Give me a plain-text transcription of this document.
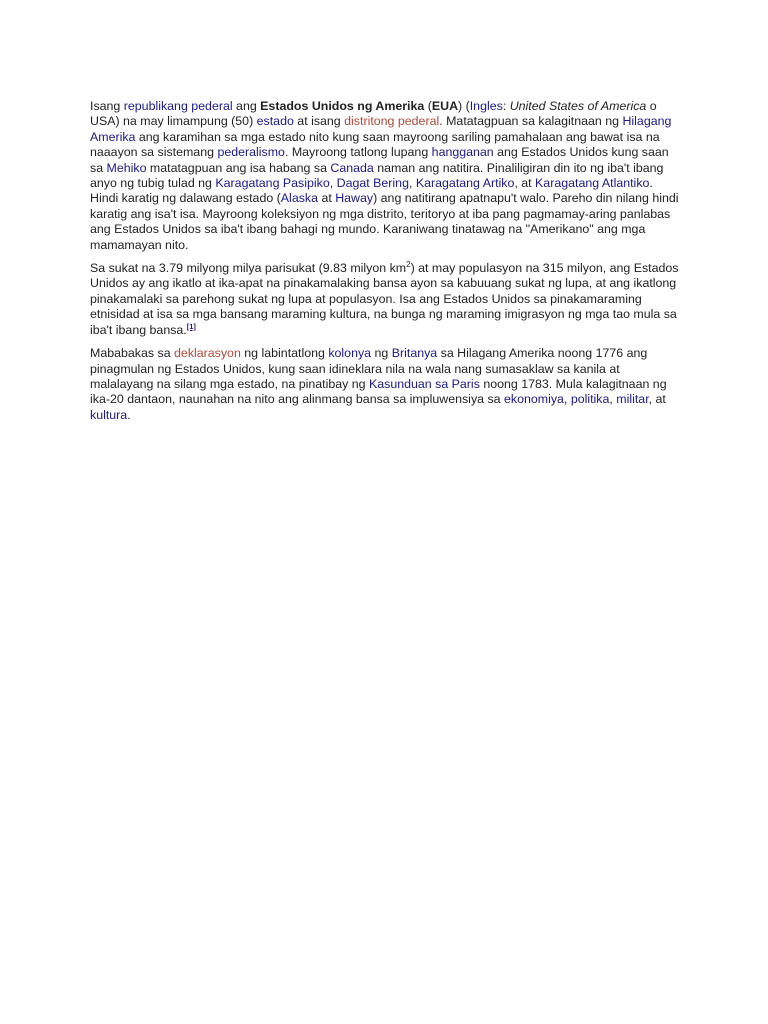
Isang republikang pederal ang Estados Unidos ng Amerika (EUA) (Ingles: United States of America o USA) na may limampung (50) estado at isang distritong pederal. Matatagpuan sa kalagitnaan ng Hilagang Amerika ang karamihan sa mga estado nito kung saan mayroong sariling pamahalaan ang bawat isa na naaayon sa sistemang pederalismo. Mayroong tatlong lupang hangganan ang Estados Unidos kung saan sa Mehiko matatagpuan ang isa habang sa Canada naman ang natitira. Pinaliligiran din ito ng iba't ibang anyo ng tubig tulad ng Karagatang Pasipiko, Dagat Bering, Karagatang Artiko, at Karagatang Atlantiko. Hindi karatig ng dalawang estado (Alaska at Haway) ang natitirang apatnapu't walo. Pareho din nilang hindi karatig ang isa't isa. Mayroong koleksiyon ng mga distrito, teritoryo at iba pang pagmamay-aring panlabas ang Estados Unidos sa iba't ibang bahagi ng mundo. Karaniwang tinatawag na "Amerikano" ang mga mamamayan nito.

Sa sukat na 3.79 milyong milya parisukat (9.83 milyon $km^2$) at may populasyon na 315 milyon, ang Estados Unidos ay ang ikatlo at ika-apat na pinakamalaking bansa ayon sa kabuuang sukat ng lupa, at ang ikatlong pinakamalaki sa parehong sukat ng lupa at populasyon. Isa ang Estados Unidos sa pinakamaraming etnisidad at isa sa mga bansang maraming kultura, na bunga ng maraming imigrasyon ng mga tao mula sa iba't ibang bansa.[1]

Mababakas sa deklarasyon ng labintatlong kolonya ng Britanya sa Hilagang Amerika noong 1776 ang pinagmulan ng Estados Unidos, kung saan idineklara nila na wala nang sumasaklaw sa kanila at malalayang na silang mga estado, na pinatibay ng Kasunduan sa Paris noong 1783. Mula kalagitnaan ng ika-20 dantaon, naunahan na nito ang alinmang bansa sa impluwensiya sa ekonomiya, politika, militar, at kultura.
